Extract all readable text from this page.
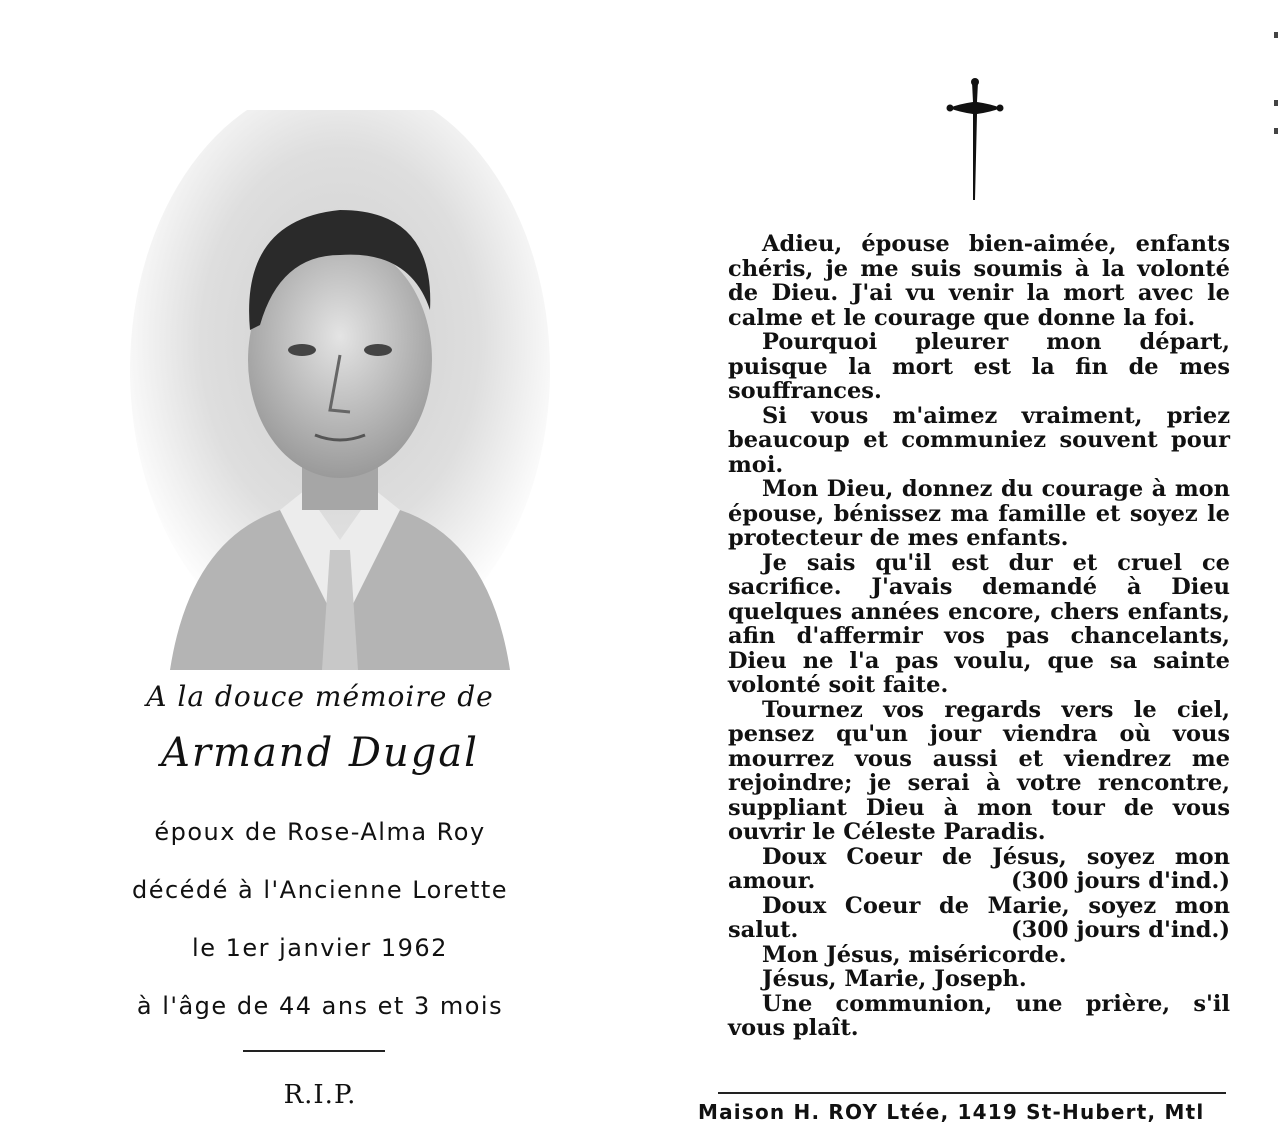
A la douce mémoire de
Armand Dugal
époux de Rose-Alma Roy
décédé à l'Ancienne Lorette
le 1er janvier 1962
à l'âge de 44 ans et 3 mois
R.I.P.

Adieu, épouse bien-aimée, enfants chéris, je me suis soumis à la volonté de Dieu. J'ai vu venir la mort avec le calme et le courage que donne la foi.

Pourquoi pleurer mon départ, puisque la mort est la fin de mes souffrances.

Si vous m'aimez vraiment, priez beaucoup et communiez souvent pour moi.

Mon Dieu, donnez du courage à mon épouse, bénissez ma famille et soyez le protecteur de mes enfants.

Je sais qu'il est dur et cruel ce sacrifice. J'avais demandé à Dieu quelques années encore, chers enfants, afin d'affermir vos pas chancelants, Dieu ne l'a pas voulu, que sa sainte volonté soit faite.

Tournez vos regards vers le ciel, pensez qu'un jour viendra où vous mourrez vous aussi et viendrez me rejoindre; je serai à votre rencontre, suppliant Dieu à mon tour de vous ouvrir le Céleste Paradis.

Doux Coeur de Jésus, soyez mon amour.	(300 jours d'ind.)

Doux Coeur de Marie, soyez mon salut.	(300 jours d'ind.)

Mon Jésus, miséricorde.

Jésus, Marie, Joseph.

Une communion, une prière, s'il vous plaît.

Maison H. ROY Ltée, 1419 St-Hubert, Mtl
